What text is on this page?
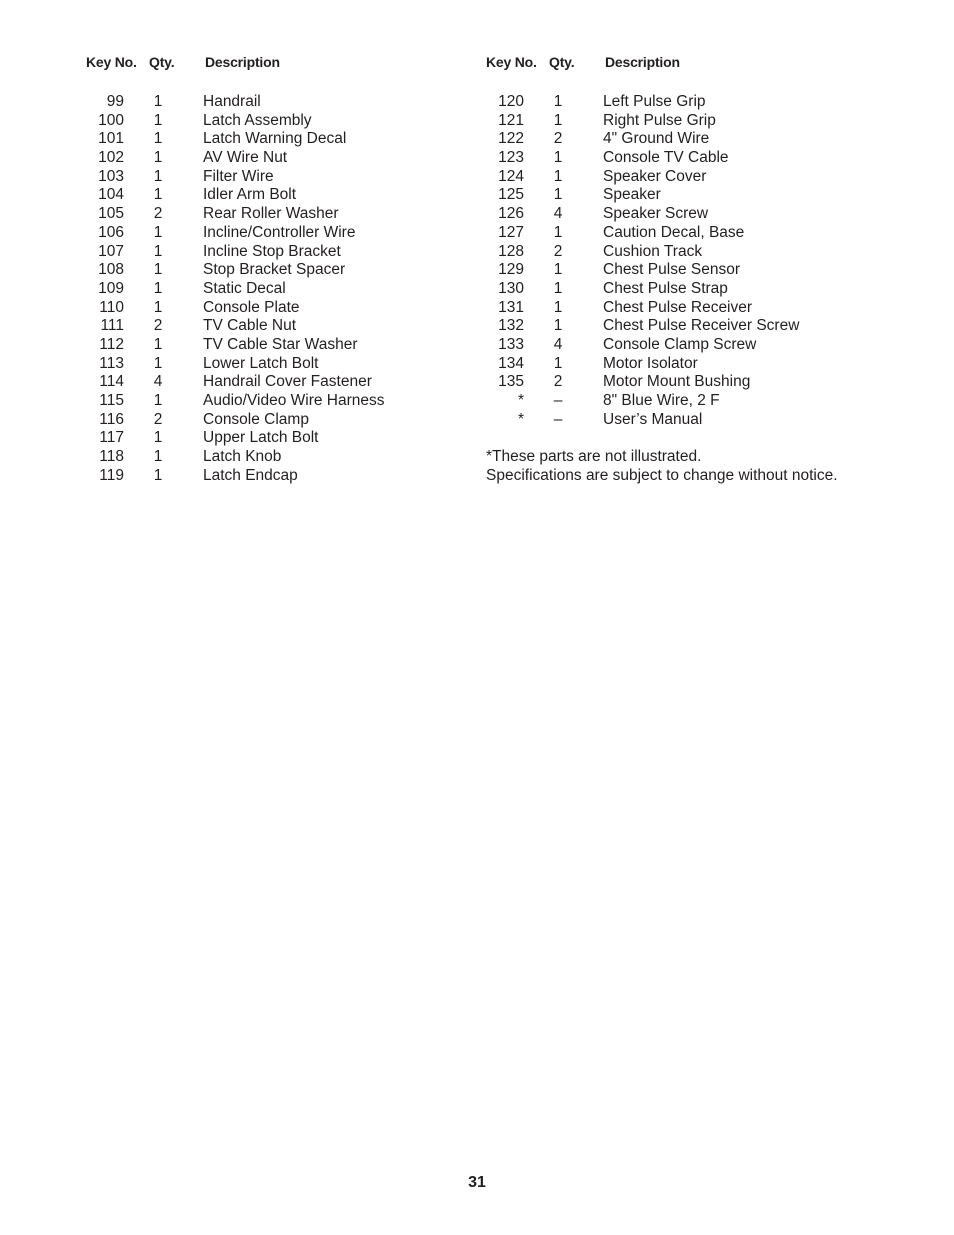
Key No. Qty. Description
99	1	Handrail
100	1	Latch Assembly
101	1	Latch Warning Decal
102	1	AV Wire Nut
103	1	Filter Wire
104	1	Idler Arm Bolt
105	2	Rear Roller Washer
106	1	Incline/Controller Wire
107	1	Incline Stop Bracket
108	1	Stop Bracket Spacer
109	1	Static Decal
110	1	Console Plate
111	2	TV Cable Nut
112	1	TV Cable Star Washer
113	1	Lower Latch Bolt
114	4	Handrail Cover Fastener
115	1	Audio/Video Wire Harness
116	2	Console Clamp
117	1	Upper Latch Bolt
118	1	Latch Knob
119	1	Latch Endcap
Key No. Qty. Description
120	1	Left Pulse Grip
121	1	Right Pulse Grip
122	2	4" Ground Wire
123	1	Console TV Cable
124	1	Speaker Cover
125	1	Speaker
126	4	Speaker Screw
127	1	Caution Decal, Base
128	2	Cushion Track
129	1	Chest Pulse Sensor
130	1	Chest Pulse Strap
131	1	Chest Pulse Receiver
132	1	Chest Pulse Receiver Screw
133	4	Console Clamp Screw
134	1	Motor Isolator
135	2	Motor Mount Bushing
*	–	8" Blue Wire, 2 F
*	–	User’s Manual
*These parts are not illustrated.
Specifications are subject to change without notice.
31
